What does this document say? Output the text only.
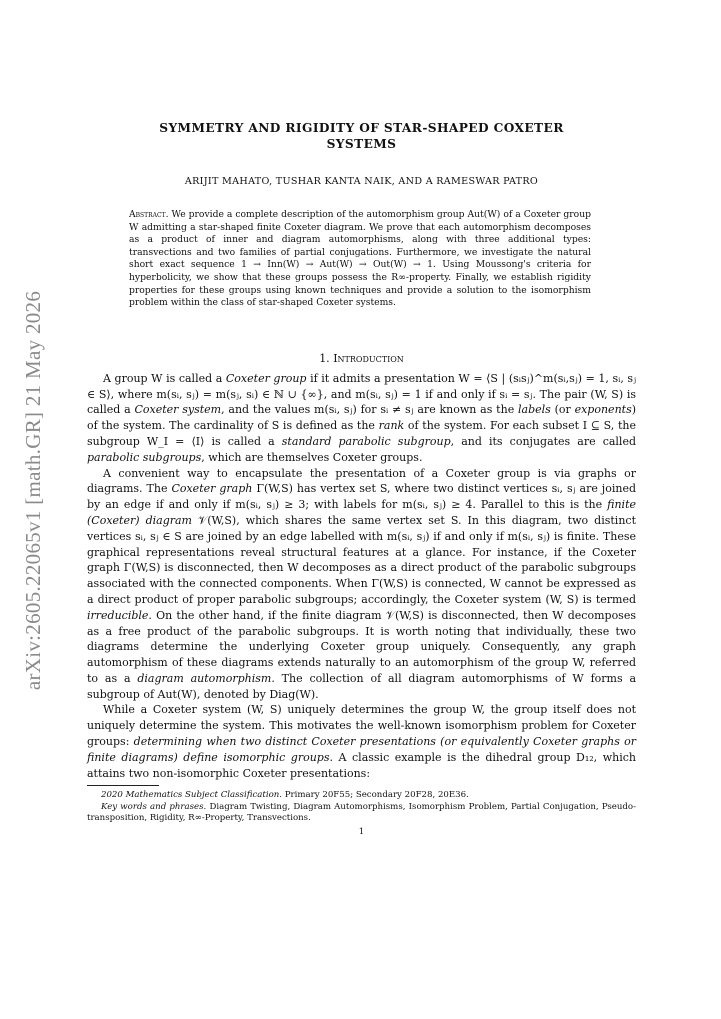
arXiv:2605.22065v1 [math.GR] 21 May 2026
SYMMETRY AND RIGIDITY OF STAR-SHAPED COXETER
SYSTEMS
ARIJIT MAHATO, TUSHAR KANTA NAIK, AND A RAMESWAR PATRO
Abstract. We provide a complete description of the automorphism group Aut(W) of a Coxeter group W admitting a star-shaped finite Coxeter diagram. We prove that each automorphism decomposes as a product of inner and diagram automorphisms, along with three additional types: transvections and two families of partial conjugations. Furthermore, we investigate the natural short exact sequence 1 → Inn(W) → Aut(W) → Out(W) → 1. Using Moussong's criteria for hyperbolicity, we show that these groups possess the R∞-property. Finally, we establish rigidity properties for these groups using known techniques and provide a solution to the isomorphism problem within the class of star-shaped Coxeter systems.
1. Introduction

A group W is called a Coxeter group if it admits a presentation W = ⟨S | (sᵢsⱼ)^m(sᵢ,sⱼ) = 1, sᵢ, sⱼ ∈ S⟩, where m(sᵢ, sⱼ) = m(sⱼ, sᵢ) ∈ ℕ ∪ {∞}, and m(sᵢ, sⱼ) = 1 if and only if sᵢ = sⱼ. The pair (W, S) is called a Coxeter system, and the values m(sᵢ, sⱼ) for sᵢ ≠ sⱼ are known as the labels (or exponents) of the system. The cardinality of S is defined as the rank of the system. For each subset I ⊆ S, the subgroup W_I = ⟨I⟩ is called a standard parabolic subgroup, and its conjugates are called parabolic subgroups, which are themselves Coxeter groups.

A convenient way to encapsulate the presentation of a Coxeter group is via graphs or diagrams. The Coxeter graph Γ(W,S) has vertex set S, where two distinct vertices sᵢ, sⱼ are joined by an edge if and only if m(sᵢ, sⱼ) ≥ 3; with labels for m(sᵢ, sⱼ) ≥ 4. Parallel to this is the finite (Coxeter) diagram 𝒱(W,S), which shares the same vertex set S. In this diagram, two distinct vertices sᵢ, sⱼ ∈ S are joined by an edge labelled with m(sᵢ, sⱼ) if and only if m(sᵢ, sⱼ) is finite. These graphical representations reveal structural features at a glance. For instance, if the Coxeter graph Γ(W,S) is disconnected, then W decomposes as a direct product of the parabolic subgroups associated with the connected components. When Γ(W,S) is connected, W cannot be expressed as a direct product of proper parabolic subgroups; accordingly, the Coxeter system (W, S) is termed irreducible. On the other hand, if the finite diagram 𝒱(W,S) is disconnected, then W decomposes as a free product of the parabolic subgroups. It is worth noting that individually, these two diagrams determine the underlying Coxeter group uniquely. Consequently, any graph automorphism of these diagrams extends naturally to an automorphism of the group W, referred to as a diagram automorphism. The collection of all diagram automorphisms of W forms a subgroup of Aut(W), denoted by Diag(W).

While a Coxeter system (W, S) uniquely determines the group W, the group itself does not uniquely determine the system. This motivates the well-known isomorphism problem for Coxeter groups: determining when two distinct Coxeter presentations (or equivalently Coxeter graphs or finite diagrams) define isomorphic groups. A classic example is the dihedral group D₁₂, which attains two non-isomorphic Coxeter presentations:

2020 Mathematics Subject Classification. Primary 20F55; Secondary 20F28, 20E36.
Key words and phrases. Diagram Twisting, Diagram Automorphisms, Isomorphism Problem, Partial Conjugation, Pseudo-transposition, Rigidity, R∞-Property, Transvections.
1
